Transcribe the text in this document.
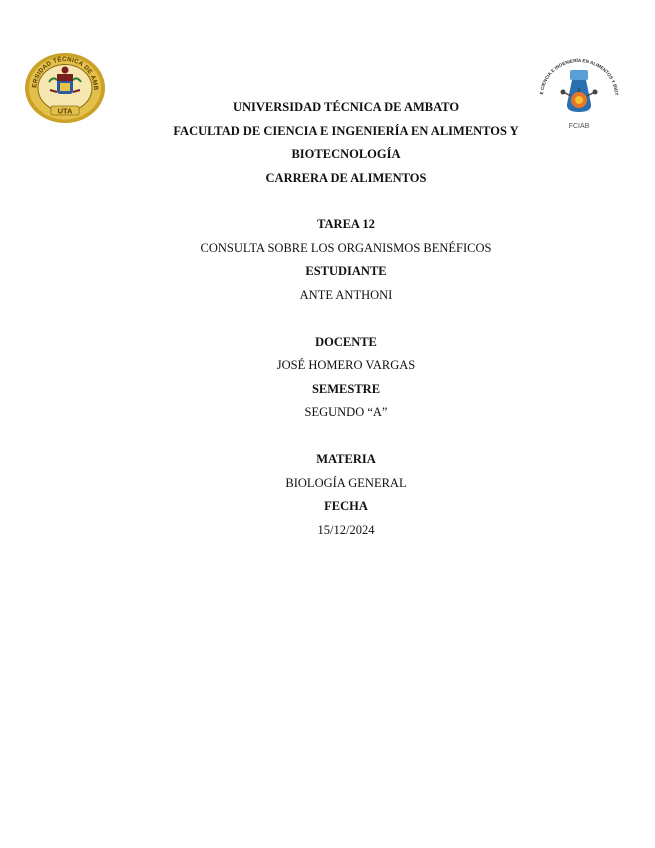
ERSIDAD TÉCNICA DE AMB
UTA
E CIENCIA E INGENIERÍA EN ALIMENTOS Y BIOT
FCIAB
UNIVERSIDAD TÉCNICA DE AMBATO
FACULTAD DE CIENCIA E INGENIERÍA EN ALIMENTOS Y
BIOTECNOLOGÍA
CARRERA DE ALIMENTOS
TAREA 12
CONSULTA SOBRE LOS ORGANISMOS BENÉFICOS
ESTUDIANTE
ANTE ANTHONI
DOCENTE
JOSÉ HOMERO VARGAS
SEMESTRE
SEGUNDO “A”
MATERIA
BIOLOGÍA GENERAL
FECHA
15/12/2024
